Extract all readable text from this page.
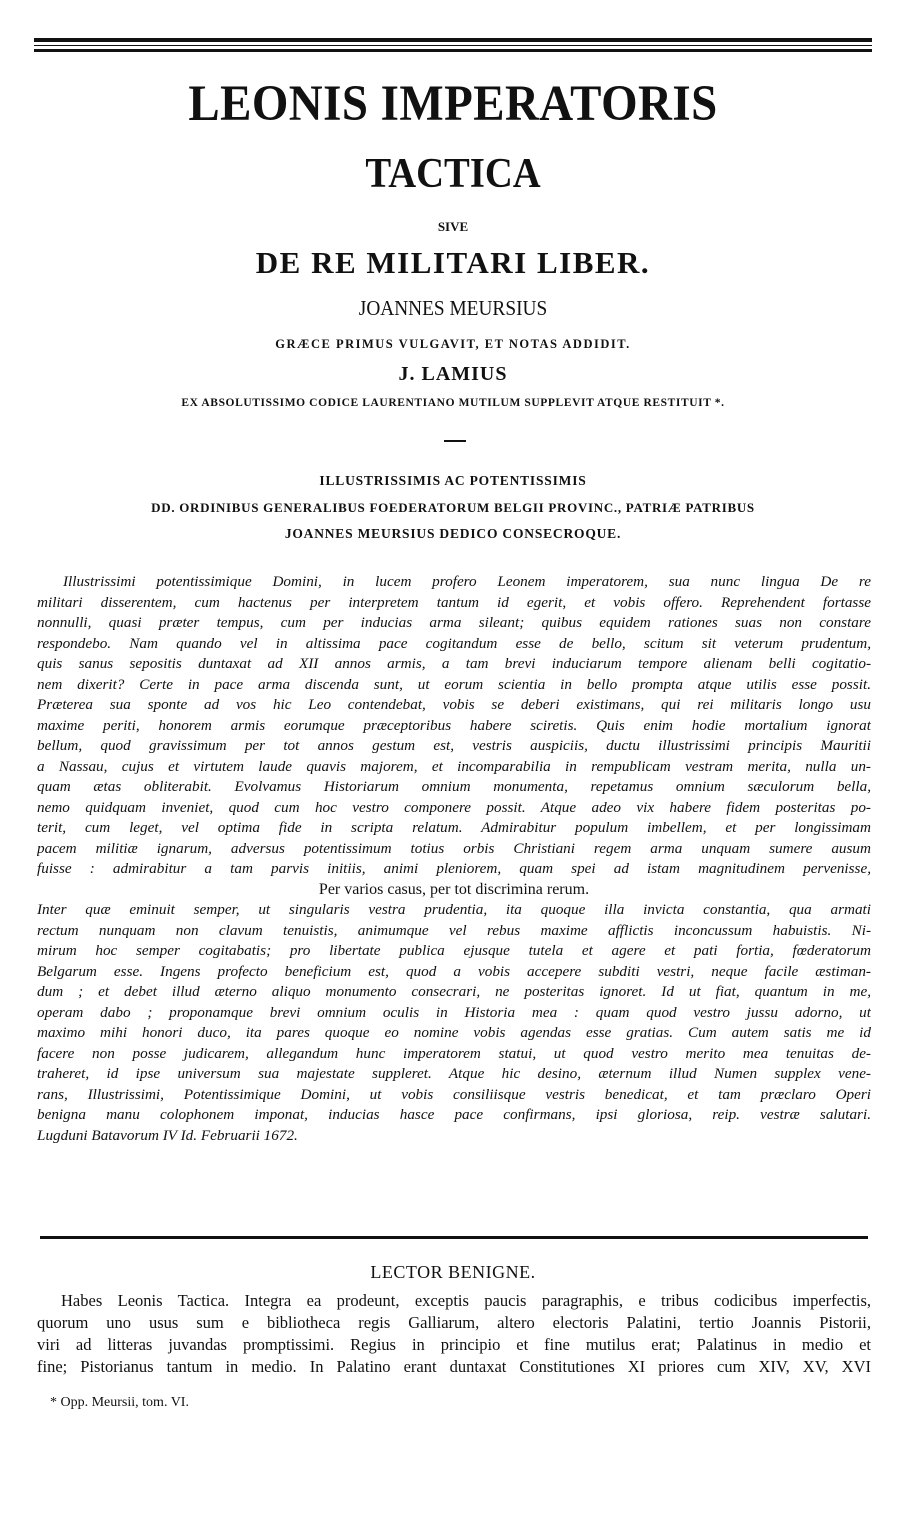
LEONIS IMPERATORIS
TACTICA
SIVE
DE RE MILITARI LIBER.
JOANNES MEURSIUS
GRÆCE PRIMUS VULGAVIT, ET NOTAS ADDIDIT.
J. LAMIUS
EX ABSOLUTISSIMO CODICE LAURENTIANO MUTILUM SUPPLEVIT ATQUE RESTITUIT *.
ILLUSTRISSIMIS AC POTENTISSIMIS
DD. ORDINIBUS GENERALIBUS FOEDERATORUM BELGII PROVINC., PATRIÆ PATRIBUS
JOANNES MEURSIUS DEDICO CONSECROQUE.
Illustrissimi potentissimique Domini, in lucem profero Leonem imperatorem, sua nunc lingua De re
militari disserentem, cum hactenus per interpretem tantum id egerit, et vobis offero. Reprehendent fortasse
nonnulli, quasi præter tempus, cum per inducias arma sileant; quibus equidem rationes suas non constare
respondebo. Nam quando vel in altissima pace cogitandum esse de bello, scitum sit veterum prudentum,
quis sanus sepositis duntaxat ad XII annos armis, a tam brevi induciarum tempore alienam belli cogitatio-
nem dixerit? Certe in pace arma discenda sunt, ut eorum scientia in bello prompta atque utilis esse possit.
Præterea sua sponte ad vos hic Leo contendebat, vobis se deberi existimans, qui rei militaris longo usu
maxime periti, honorem armis eorumque præceptoribus habere sciretis. Quis enim hodie mortalium ignorat
bellum, quod gravissimum per tot annos gestum est, vestris auspiciis, ductu illustrissimi principis Mauritii
a Nassau, cujus et virtutem laude quavis majorem, et incomparabilia in rempublicam vestram merita, nulla un-
quam ætas obliterabit. Evolvamus Historiarum omnium monumenta, repetamus omnium sæculorum bella,
nemo quidquam inveniet, quod cum hoc vestro componere possit. Atque adeo vix habere fidem posteritas po-
terit, cum leget, vel optima fide in scripta relatum. Admirabitur populum imbellem, et per longissimam
pacem militiæ ignarum, adversus potentissimum totius orbis Christiani regem arma unquam sumere ausum
fuisse : admirabitur a tam parvis initiis, animi pleniorem, quam spei ad istam magnitudinem pervenisse,
Per varios casus, per tot discrimina rerum.
Inter quæ eminuit semper, ut singularis vestra prudentia, ita quoque illa invicta constantia, qua armati
rectum nunquam non clavum tenuistis, animumque vel rebus maxime afflictis inconcussum habuistis. Ni-
mirum hoc semper cogitabatis; pro libertate publica ejusque tutela et agere et pati fortia, fœderatorum
Belgarum esse. Ingens profecto beneficium est, quod a vobis accepere subditi vestri, neque facile æstiman-
dum ; et debet illud æterno aliquo monumento consecrari, ne posteritas ignoret. Id ut fiat, quantum in me,
operam dabo ; proponamque brevi omnium oculis in Historia mea : quam quod vestro jussu adorno, ut
maximo mihi honori duco, ita pares quoque eo nomine vobis agendas esse gratias. Cum autem satis me id
facere non posse judicarem, allegandum hunc imperatorem statui, ut quod vestro merito mea tenuitas de-
traheret, id ipse universum sua majestate suppleret. Atque hic desino, æternum illud Numen supplex vene-
rans, Illustrissimi, Potentissimique Domini, ut vobis consiliisque vestris benedicat, et tam præclaro Operi
benigna manu colophonem imponat, inducias hasce pace confirmans, ipsi gloriosa, reip. vestræ salutari.
Lugduni Batavorum IV Id. Februarii 1672.
LECTOR BENIGNE.
Habes Leonis Tactica. Integra ea prodeunt, exceptis paucis paragraphis, e tribus codicibus imperfectis,
quorum uno usus sum e bibliotheca regis Galliarum, altero electoris Palatini, tertio Joannis Pistorii,
viri ad litteras juvandas promptissimi. Regius in principio et fine mutilus erat; Palatinus in medio et
fine; Pistorianus tantum in medio. In Palatino erant duntaxat Constitutiones XI priores cum XIV, XV, XVI
* Opp. Meursii, tom. VI.
